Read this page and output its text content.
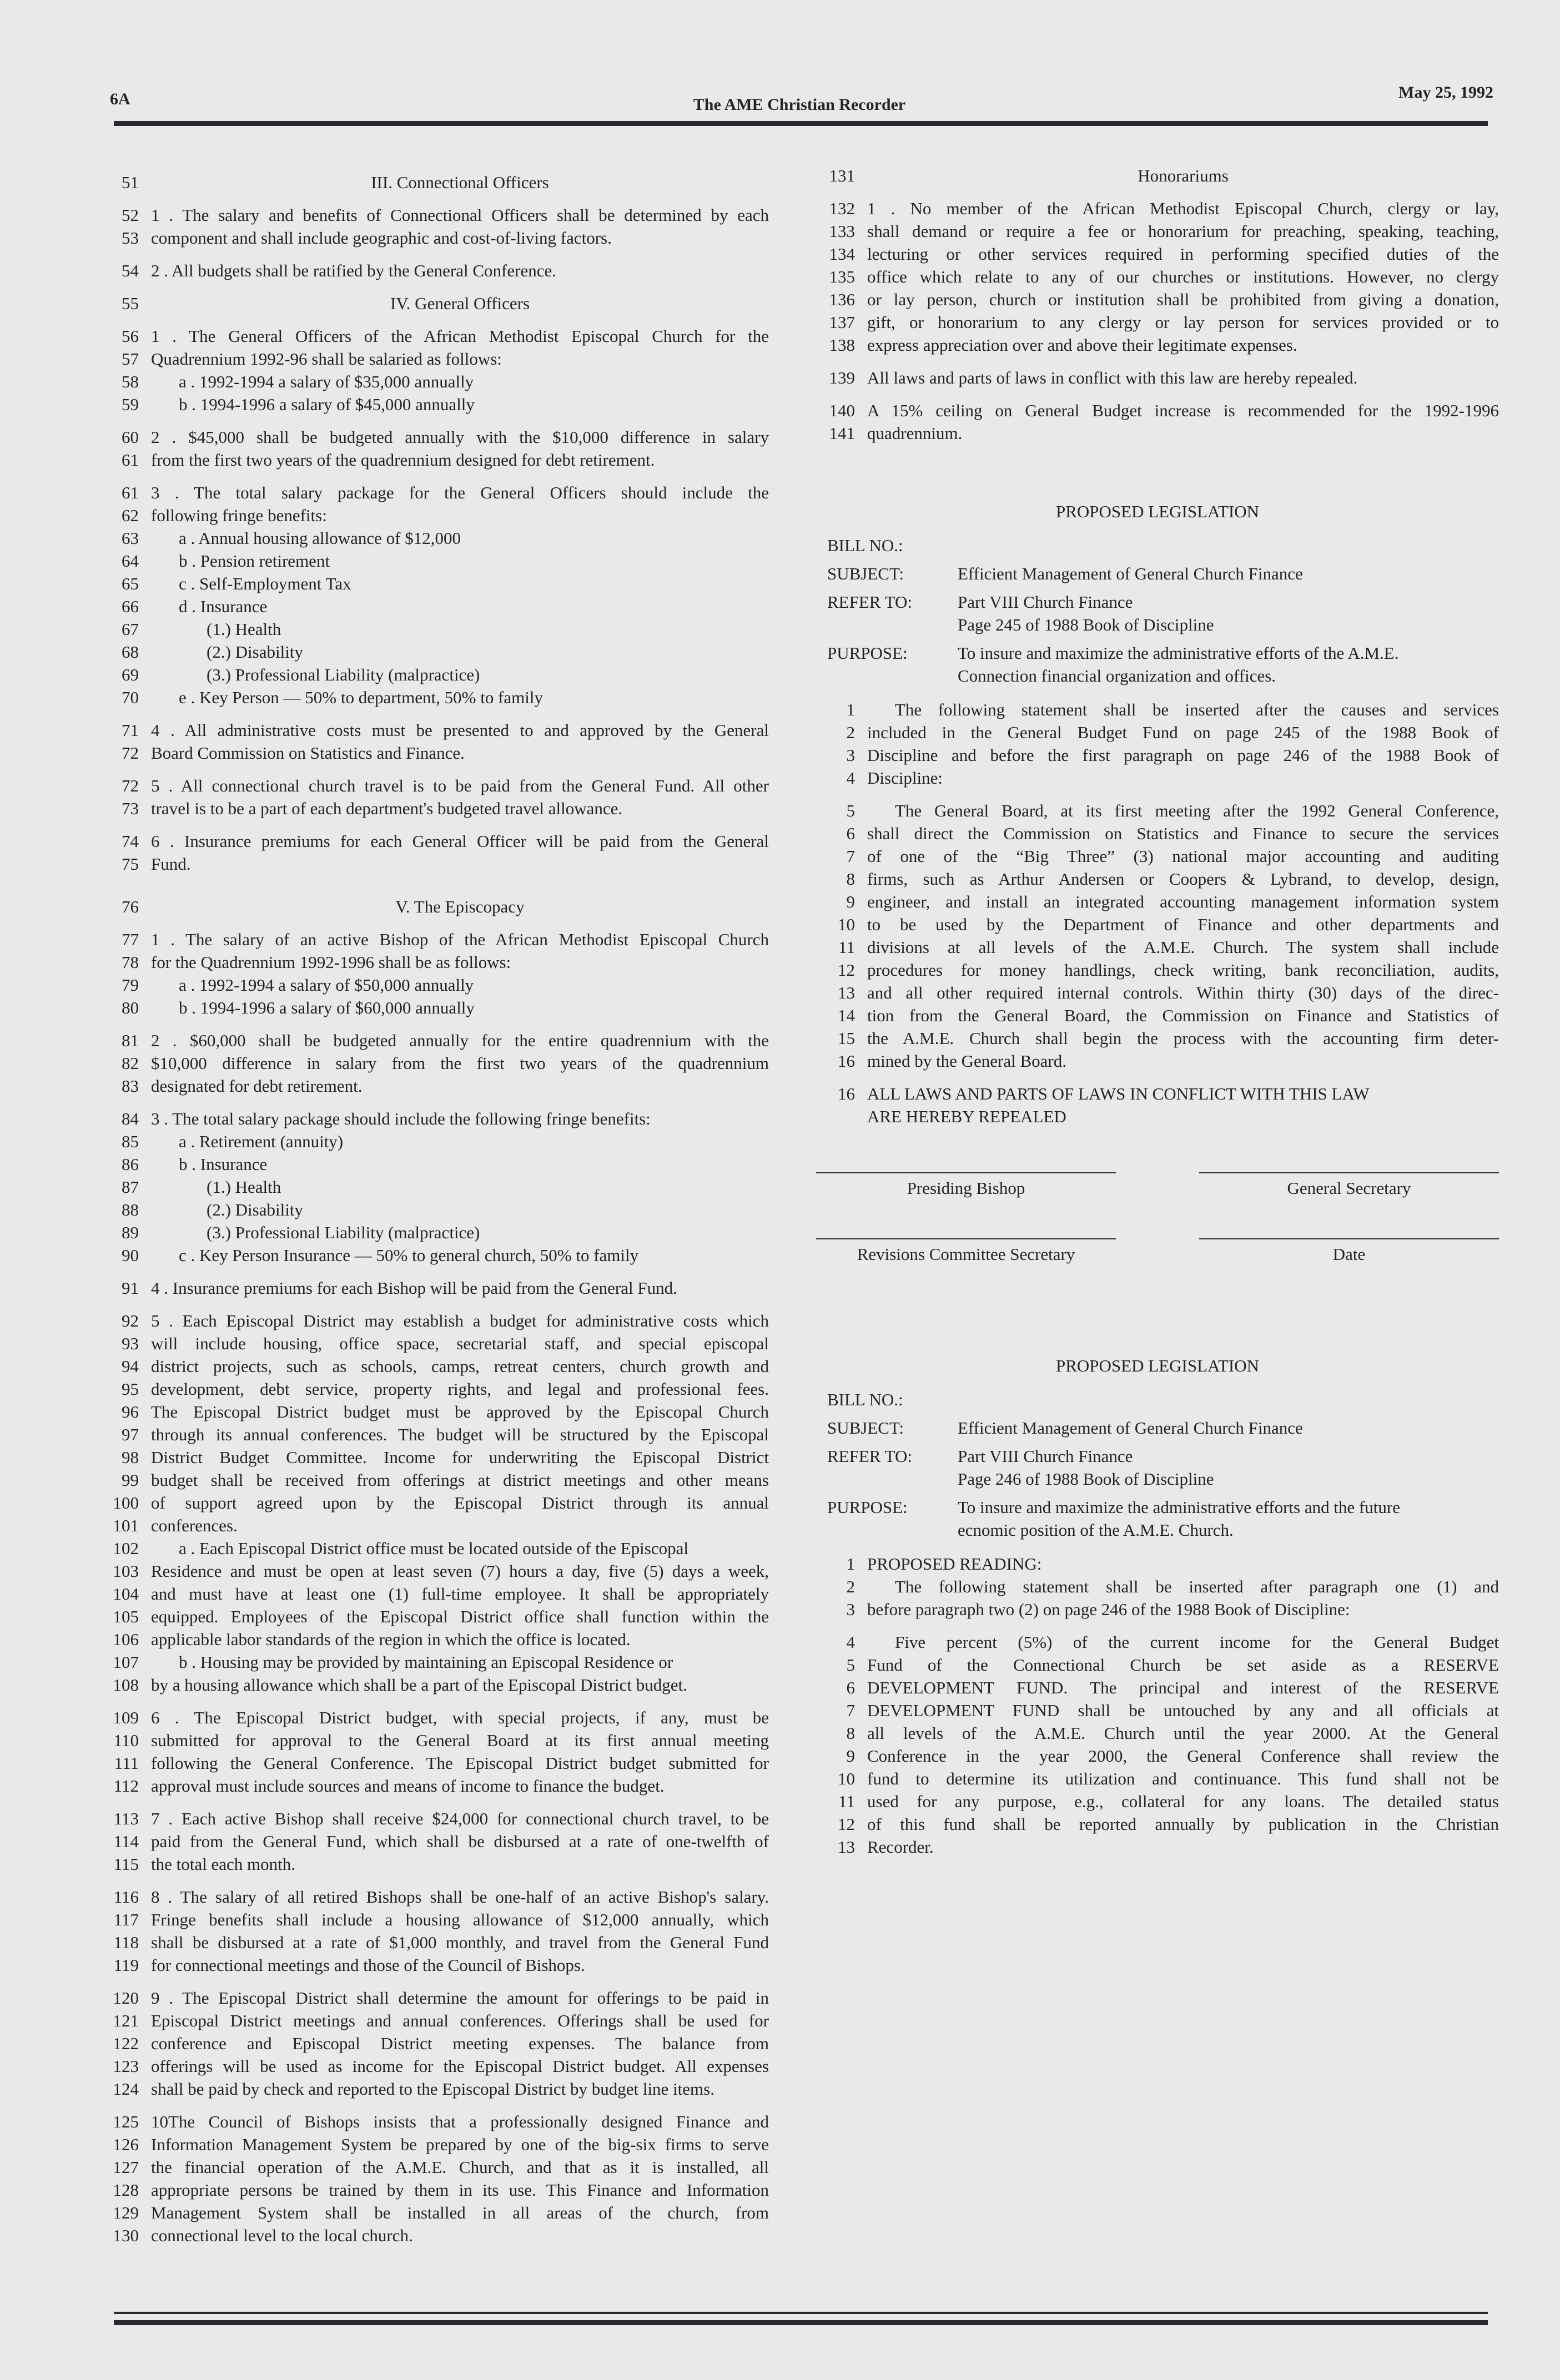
6A	The AME Christian Recorder
May 25, 1992
51	III. Connectional Officers
52 1 . The salary and benefits of Connectional Officers shall be determined by each
53 component and shall include geographic and cost-of-living factors.
54 2 . All budgets shall be ratified by the General Conference.
55	IV. General Officers
56 1 . The General Officers of the African Methodist Episcopal Church for the
57 Quadrennium 1992-96 shall be salaried as follows:
58	a . 1992-1994 a salary of $35,000 annually
59	b . 1994-1996 a salary of $45,000 annually
60 2 . $45,000 shall be budgeted annually with the $10,000 difference in salary
61 from the first two years of the quadrennium designed for debt retirement.
61 3 . The total salary package for the General Officers should include the
62 following fringe benefits:
63	a . Annual housing allowance of $12,000
64	b . Pension retirement
65	c . Self-Employment Tax
66	d . Insurance
67	(1.) Health
68	(2.) Disability
69	(3.) Professional Liability (malpractice)
70	e . Key Person — 50% to department, 50% to family
71 4 . All administrative costs must be presented to and approved by the General
72 Board Commission on Statistics and Finance.
72 5 . All connectional church travel is to be paid from the General Fund. All other
73 travel is to be a part of each department's budgeted travel allowance.
74 6 . Insurance premiums for each General Officer will be paid from the General
75 Fund.
76	V. The Episcopacy
77 1 . The salary of an active Bishop of the African Methodist Episcopal Church
78 for the Quadrennium 1992-1996 shall be as follows:
79	a . 1992-1994 a salary of $50,000 annually
80	b . 1994-1996 a salary of $60,000 annually
81 2 . $60,000 shall be budgeted annually for the entire quadrennium with the
82 $10,000 difference in salary from the first two years of the quadrennium
83 designated for debt retirement.
84 3 . The total salary package should include the following fringe benefits:
85	a . Retirement (annuity)
86	b . Insurance
87	(1.) Health
88	(2.) Disability
89	(3.) Professional Liability (malpractice)
90	c . Key Person Insurance — 50% to general church, 50% to family
91 4 . Insurance premiums for each Bishop will be paid from the General Fund.
92 5 . Each Episcopal District may establish a budget for administrative costs which
93 will include housing, office space, secretarial staff, and special episcopal
94 district projects, such as schools, camps, retreat centers, church growth and
95 development, debt service, property rights, and legal and professional fees.
96 The Episcopal District budget must be approved by the Episcopal Church
97 through its annual conferences. The budget will be structured by the Episcopal
98 District Budget Committee. Income for underwriting the Episcopal District
99 budget shall be received from offerings at district meetings and other means
100 of support agreed upon by the Episcopal District through its annual
101 conferences.
102	a . Each Episcopal District office must be located outside of the Episcopal
103 Residence and must be open at least seven (7) hours a day, five (5) days a week,
104 and must have at least one (1) full-time employee. It shall be appropriately
105 equipped. Employees of the Episcopal District office shall function within the
106 applicable labor standards of the region in which the office is located.
107	b . Housing may be provided by maintaining an Episcopal Residence or
108 by a housing allowance which shall be a part of the Episcopal District budget.
109 6 . The Episcopal District budget, with special projects, if any, must be
110 submitted for approval to the General Board at its first annual meeting
111 following the General Conference. The Episcopal District budget submitted for
112 approval must include sources and means of income to finance the budget.
113 7 . Each active Bishop shall receive $24,000 for connectional church travel, to be
114 paid from the General Fund, which shall be disbursed at a rate of one-twelfth of
115 the total each month.
116 8 . The salary of all retired Bishops shall be one-half of an active Bishop's salary.
117 Fringe benefits shall include a housing allowance of $12,000 annually, which
118 shall be disbursed at a rate of $1,000 monthly, and travel from the General Fund
119 for connectional meetings and those of the Council of Bishops.
120 9 . The Episcopal District shall determine the amount for offerings to be paid in
121 Episcopal District meetings and annual conferences. Offerings shall be used for
122 conference and Episcopal District meeting expenses. The balance from
123 offerings will be used as income for the Episcopal District budget. All expenses
124 shall be paid by check and reported to the Episcopal District by budget line items.
125 10The Council of Bishops insists that a professionally designed Finance and
126 Information Management System be prepared by one of the big-six firms to serve
127 the financial operation of the A.M.E. Church, and that as it is installed, all
128 appropriate persons be trained by them in its use. This Finance and Information
129 Management System shall be installed in all areas of the church, from
130 connectional level to the local church.
131	Honorariums
132 1 . No member of the African Methodist Episcopal Church, clergy or lay,
133 shall demand or require a fee or honorarium for preaching, speaking, teaching,
134 lecturing or other services required in performing specified duties of the
135 office which relate to any of our churches or institutions. However, no clergy
136 or lay person, church or institution shall be prohibited from giving a donation,
137 gift, or honorarium to any clergy or lay person for services provided or to
138 express appreciation over and above their legitimate expenses.
139 All laws and parts of laws in conflict with this law are hereby repealed.
140 A 15% ceiling on General Budget increase is recommended for the 1992-1996
141 quadrennium.
PROPOSED LEGISLATION
BILL NO.:
SUBJECT:	Efficient Management of General Church Finance
REFER TO:	Part VIII Church Finance
Page 245 of 1988 Book of Discipline
PURPOSE:	To insure and maximize the administrative efforts of the A.M.E.
Connection financial organization and offices.
1	The following statement shall be inserted after the causes and services
2 included in the General Budget Fund on page 245 of the 1988 Book of
3 Discipline and before the first paragraph on page 246 of the 1988 Book of
4 Discipline:
5	The General Board, at its first meeting after the 1992 General Conference,
6 shall direct the Commission on Statistics and Finance to secure the services
7 of one of the “Big Three” (3) national major accounting and auditing
8 firms, such as Arthur Andersen or Coopers & Lybrand, to develop, design,
9 engineer, and install an integrated accounting management information system
10 to be used by the Department of Finance and other departments and
11 divisions at all levels of the A.M.E. Church. The system shall include
12 procedures for money handlings, check writing, bank reconciliation, audits,
13 and all other required internal controls. Within thirty (30) days of the direc-
14 tion from the General Board, the Commission on Finance and Statistics of
15 the A.M.E. Church shall begin the process with the accounting firm deter-
16 mined by the General Board.
16 ALL LAWS AND PARTS OF LAWS IN CONFLICT WITH THIS LAW
ARE HEREBY REPEALED
Presiding Bishop	General Secretary
Revisions Committee Secretary	Date
PROPOSED LEGISLATION
BILL NO.:
SUBJECT:	Efficient Management of General Church Finance
REFER TO:	Part VIII Church Finance
Page 246 of 1988 Book of Discipline
PURPOSE:	To insure and maximize the administrative efforts and the future
ecnomic position of the A.M.E. Church.
1 PROPOSED READING:
2	The following statement shall be inserted after paragraph one (1) and
3 before paragraph two (2) on page 246 of the 1988 Book of Discipline:
4	Five percent (5%) of the current income for the General Budget
5 Fund of the Connectional Church be set aside as a RESERVE
6 DEVELOPMENT FUND. The principal and interest of the RESERVE
7 DEVELOPMENT FUND shall be untouched by any and all officials at
8 all levels of the A.M.E. Church until the year 2000. At the General
9 Conference in the year 2000, the General Conference shall review the
10 fund to determine its utilization and continuance. This fund shall not be
11 used for any purpose, e.g., collateral for any loans. The detailed status
12 of this fund shall be reported annually by publication in the Christian
13 Recorder.
